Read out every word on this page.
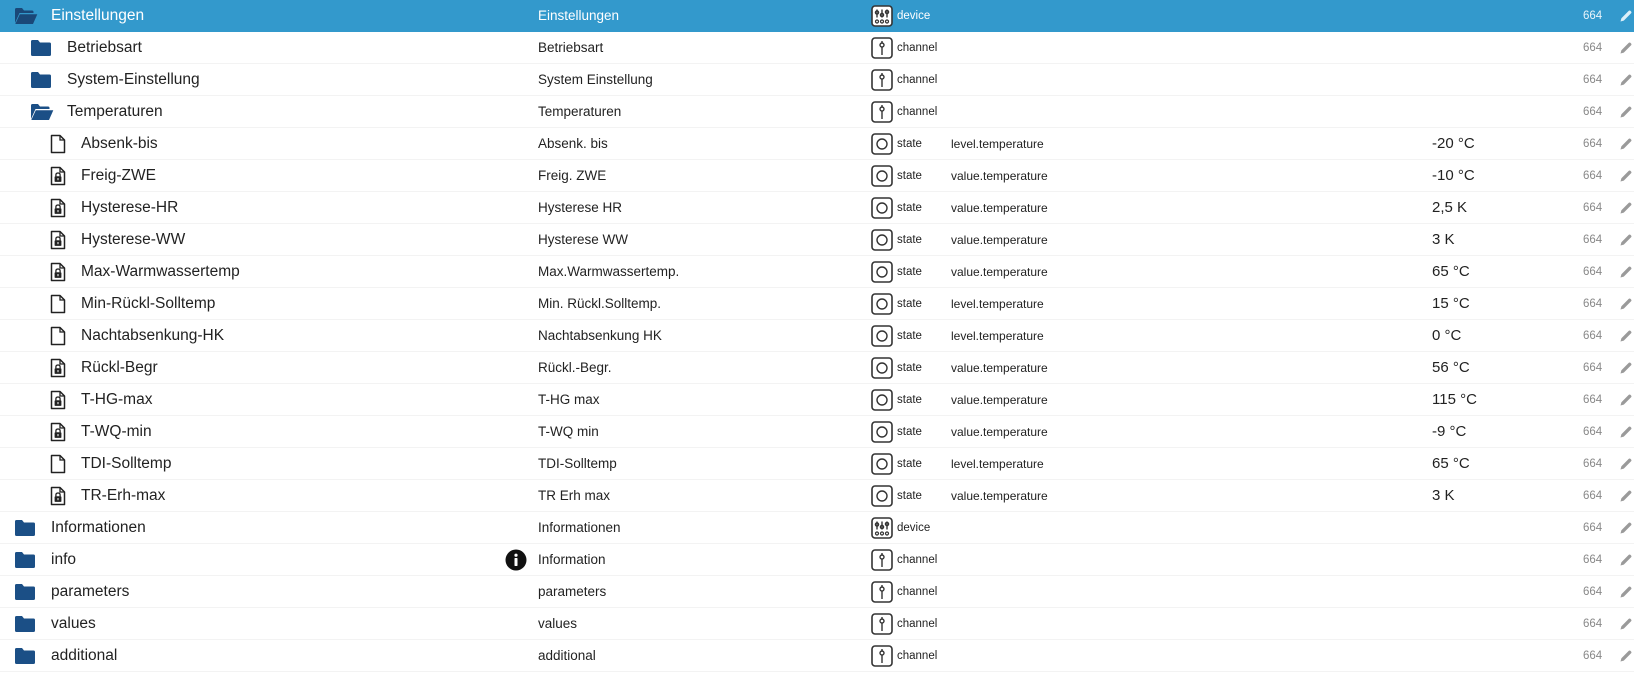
Einstellungen	Einstellungen	device	664
Betriebsart	Betriebsart	channel	664
System-Einstellung	System Einstellung	channel	664
Temperaturen	Temperaturen	channel	664
Absenk-bis	Absenk. bis	state level.temperature	-20 °C	664
Freig-ZWE	Freig. ZWE	state value.temperature	-10 °C	664
Hysterese-HR	Hysterese HR	state value.temperature	2,5 K	664
Hysterese-WW	Hysterese WW	state value.temperature	3 K	664
Max-Warmwassertemp	Max.Warmwassertemp.	state value.temperature	65 °C	664
Min-Rückl-Solltemp	Min. Rückl.Solltemp.	state level.temperature	15 °C	664
Nachtabsenkung-HK	Nachtabsenkung HK	state level.temperature	0 °C	664
Rückl-Begr	Rückl.-Begr.	state value.temperature	56 °C	664
T-HG-max	T-HG max	state value.temperature	115 °C	664
T-WQ-min	T-WQ min	state value.temperature	-9 °C	664
TDI-Solltemp	TDI-Solltemp	state level.temperature	65 °C	664
TR-Erh-max	TR Erh max	state value.temperature	3 K	664
Informationen	Informationen	device	664
info	Information	channel	664
parameters	parameters	channel	664
values	values	channel	664
additional	additional	channel	664
